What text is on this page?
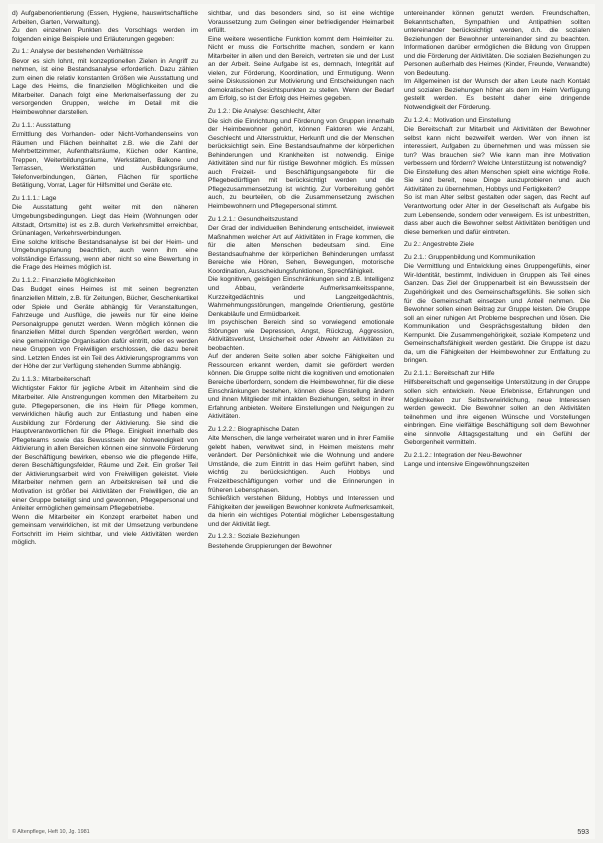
d) Aufgabenorientierung (Essen, Hygiene, hauswirtschaftliche Arbeiten, Garten, Verwaltung).

Zu den einzelnen Punkten des Vorschlags werden im folgenden einige Beispiele und Erläuterungen gegeben:

Zu 1.: Analyse der bestehenden Verhältnisse

Bevor es sich lohnt, mit konzeptionellen Zielen in Angriff zu nehmen, ist eine Bestandsanalyse erforderlich. Dazu zählen zum einen die relativ konstanten Größen wie Ausstattung und Lage des Heims, die finanziellen Möglichkeiten und die Mitarbeiter. Danach folgt eine Merkmalserfassung der zu versorgenden Gruppen, welche im Detail mit die Heimbewohner darstellen.

Zu 1.1.: Ausstattung

Ermittlung des Vorhanden- oder Nicht-Vorhandenseins von Räumen und Flächen beinhaltet z.B. wie die Zahl der Mehrbettzimmer, Aufenthaltsräume, Küchen oder Kantine, Treppen, Weiterbildungsräume, Werkstätten, Balkone und Terrassen, Werkstätten und Ausbildungsräume, Telefonverbindungen, Gärten, Flächen für sportliche Betätigung, Vorrat, Lager für Hilfsmittel und Geräte etc.

Zu 1.1.1.: Lage

Die Ausstattung geht weiter mit den näheren Umgebungsbedingungen. Liegt das Heim (Wohnungen oder Altstadt, Ortsmitte) ist es z.B. durch Verkehrsmittel erreichbar, Grünanlagen, Verkehrsverbindungen.

Eine solche kritische Bestandsanalyse ist bei der Heim- und Umgebungsplanung beachtlich, auch wenn ihm eine vollständige Erfassung, wenn aber nicht so eine Bewertung in die Frage des Heimes möglich ist.

Zu 1.1.2.: Finanzielle Möglichkeiten

Das Budget eines Heimes ist mit seinen begrenzten finanziellen Mitteln, z.B. für Zeitungen, Bücher, Geschenkartikel oder Spiele und Geräte abhängig für Veranstaltungen, Fahrzeuge und Ausflüge, die jeweils nur für eine kleine Personalgruppe genutzt werden. Wenn möglich können die finanziellen Mittel durch Spenden vergrößert werden, wenn eine gemeinnützige Organisation dafür eintritt, oder es werden neue Gruppen von Freiwilligen erschlossen, die dazu bereit sind. Letzten Endes ist ein Teil des Aktivierungsprogramms von der Höhe der zur Verfügung stehenden Summe abhängig.

Zu 1.1.3.: Mitarbeiterschaft

Wichtigster Faktor für jegliche Arbeit im Altenheim sind die Mitarbeiter. Alle Anstrengungen kommen den Mitarbeitern zu gute. Pflegepersonen, die ins Heim für Pflege kommen, verwirklichen häufig auch zur Entlastung und haben eine Ausbildung zur Förderung der Aktivierung. Sie sind die Hauptverantwortlichen für die Pflege. Einigkeit innerhalb des Pflegeteams sowie das Bewusstsein der Notwendigkeit von Aktivierung in allen Bereichen können eine sinnvolle Förderung der Beschäftigung bewirken, ebenso wie die pflegende Hilfe, deren Beschäftigungsfelder, Räume und Zeit. Ein großer Teil der Aktivierungsarbeit wird von Freiwilligen geleistet. Viele Mitarbeiter nehmen gern an Arbeitskreisen teil und die Motivation ist größer bei Aktivitäten der Freiwilligen, die an einer Gruppe beteiligt sind und gewonnen, Pflegepersonal und Anleiter ermöglichen gemeinsam Pflegebetriebe.

Wenn die Mitarbeiter ein Konzept erarbeitet haben und gemeinsam verwirklichen, ist mit der Umsetzung verbundene Fortschritt im Heim sichtbar, und viele Aktivitäten werden möglich.

sichtbar, und das besonders sind, so ist eine wichtige Voraussetzung zum Gelingen einer befriedigender Heimarbeit erfüllt.

Eine weitere wesentliche Funktion kommt dem Heimleiter zu. Nicht er muss die Fortschritte machen, sondern er kann Mitarbeiter in allen und den Bereich, vertreten sie und der Lust an der Arbeit. Seine Aufgabe ist es, demnach, Integrität auf vielen, zur Förderung, Koordination, und Ermutigung. Wenn seine Diskussionen zur Motivierung und Entscheidungen nach demokratischen Gesichtspunkten zu stellen. Wenn der Bedarf am Erfolg, so ist der Erfolg des Heimes gegeben.

Zu 1.2.: Die Analyse: Geschlecht, Alter

Die sich die Einrichtung und Förderung von Gruppen innerhalb der Heimbewohner gehört, können Faktoren wie Anzahl, Geschlecht und Altersstruktur, Herkunft und die der Menschen berücksichtigt sein. Eine Bestandsaufnahme der körperlichen Behinderungen und Krankheiten ist notwendig. Einige Aktivitäten sind nur für rüstige Bewohner möglich. Es müssen auch Freizeit- und Beschäftigungsangebote für die Pflegebedürftigen mit berücksichtigt werden und die Pflegezusammensetzung ist wichtig. Zur Vorbereitung gehört auch, zu beurteilen, ob die Zusammensetzung zwischen Heimbewohnern und Pflegepersonal stimmt.

Zu 1.2.1.: Gesundheitszustand

Der Grad der individuellen Behinderung entscheidet, inwieweit Maßnahmen welcher Art auf Aktivitäten in Frage kommen, die für die alten Menschen bedeutsam sind. Eine Bestandsaufnahme der körperlichen Behinderungen umfasst Bereiche wie Hören, Sehen, Bewegungen, motorische Koordination, Ausscheidungsfunktionen, Sprechfähigkeit.

Die kognitiven, geistigen Einschränkungen sind z.B. Intelligenz und Abbau, veränderte Aufmerksamkeitsspanne, Kurzzeitgedächtnis und Langzeitgedächtnis, Wahrnehmungsstörungen, mangelnde Orientierung, gestörte Denkabläufe und Ermüdbarkeit.

Im psychischen Bereich sind so vorwiegend emotionale Störungen wie Depression, Angst, Rückzug, Aggression, Aktivitätsverlust, Unsicherheit oder Abwehr an Aktivitäten zu beobachten.

Auf der anderen Seite sollen aber solche Fähigkeiten und Ressourcen erkannt werden, damit sie gefördert werden können. Die Gruppe sollte nicht die kognitiven und emotionalen Bereiche überfordern, sondern die Heimbewohner, für die diese Einschränkungen bestehen, können diese Einstellung ändern und ihnen Mitglieder mit intakten Beziehungen, selbst in ihrer Erfahrung anbieten. Weitere Einstellungen und Neigungen zu Aktivitäten.

Zu 1.2.2.: Biographische Daten

Alte Menschen, die lange verheiratet waren und in ihrer Familie gelebt haben, verwitwet sind, in Heimen meistens mehr verändert. Der Persönlichkeit wie die Wohnung und andere Umstände, die zum Eintritt in das Heim geführt haben, sind wichtig zu berücksichtigen. Auch Hobbys und Freizeitbeschäftigungen vorher und die Erinnerungen in früheren Lebensphasen.

Schließlich verstehen Bildung, Hobbys und Interessen und Fähigkeiten der jeweiligen Bewohner konkrete Aufmerksamkeit, da hierin ein wichtiges Potential möglicher Lebensgestaltung und der Aktivität liegt.

Zu 1.2.3.: Soziale Beziehungen

Bestehende Gruppierungen der Bewohner

untereinander können genutzt werden. Freundschaften, Bekanntschaften, Sympathien und Antipathien sollten untereinander berücksichtigt werden, d.h. die sozialen Beziehungen der Bewohner untereinander sind zu beachten. Informationen darüber ermöglichen die Bildung von Gruppen und die Förderung der Aktivitäten. Die sozialen Beziehungen zu Personen außerhalb des Heimes (Kinder, Freunde, Verwandte) von Bedeutung.

Im Allgemeinen ist der Wunsch der alten Leute nach Kontakt und sozialen Beziehungen höher als dem im Heim Verfügung gestellt werden. Es besteht daher eine dringende Notwendigkeit der Förderung.

Zu 1.2.4.: Motivation und Einstellung

Die Bereitschaft zur Mitarbeit und Aktivitäten der Bewohner selbst kann nicht bezweifelt werden. Wer von ihnen ist interessiert, Aufgaben zu übernehmen und was müssen sie tun? Was brauchen sie? Wie kann man ihre Motivation verbessern und fördern? Welche Unterstützung ist notwendig?

Die Einstellung des alten Menschen spielt eine wichtige Rolle. Sie sind bereit, neue Dinge auszuprobieren und auch Aktivitäten zu übernehmen, Hobbys und Fertigkeiten?

So ist man Alter selbst gestalten oder sagen, das Recht auf Verantwortung oder Alter in der Gesellschaft als Aufgabe bis zum Lebensende, sondern oder verweigern. Es ist unbestritten, dass aber auch die Bewohner selbst Aktivitäten benötigen und diese bemerken und dafür eintreten.

Zu 2.: Angestrebte Ziele

Zu 2.1.: Gruppenbildung und Kommunikation

Die Vermittlung und Entwicklung eines Gruppengefühls, einer Wir-Identität, bestimmt, Individuen in Gruppen als Teil eines Ganzen. Das Ziel der Gruppenarbeit ist ein Bewusstsein der Zugehörigkeit und des Gemeinschaftsgefühls. Sie sollen sich für die Gemeinschaft einsetzen und Anteil nehmen. Die Bewohner sollen einen Beitrag zur Gruppe leisten. Die Gruppe soll an einer ruhigen Art Probleme besprechen und lösen. Die Kommunikation und Gesprächsgestaltung bilden den Kernpunkt. Die Zusammengehörigkeit, soziale Kompetenz und Gemeinschaftsfähigkeit werden gestärkt. Die Gruppe ist dazu da, um die Fähigkeiten der Heimbewohner zur Entfaltung zu bringen.

Zu 2.1.1.: Bereitschaft zur Hilfe

Hilfsbereitschaft und gegenseitige Unterstützung in der Gruppe sollen sich entwickeln. Neue Erlebnisse, Erfahrungen und Möglichkeiten zur Selbstverwirklichung, neue Interessen werden geweckt. Die Bewohner sollen an den Aktivitäten teilnehmen und ihre eigenen Wünsche und Vorstellungen einbringen. Eine vielfältige Beschäftigung soll dem Bewohner eine sinnvolle Alltagsgestaltung und ein Gefühl der Geborgenheit vermitteln.

Zu 2.1.2.: Integration der Neu-Bewohner

Lange und intensive Eingewöhnungszeiten

© Altenpflege, Heft 10, Jg. 1981	593
